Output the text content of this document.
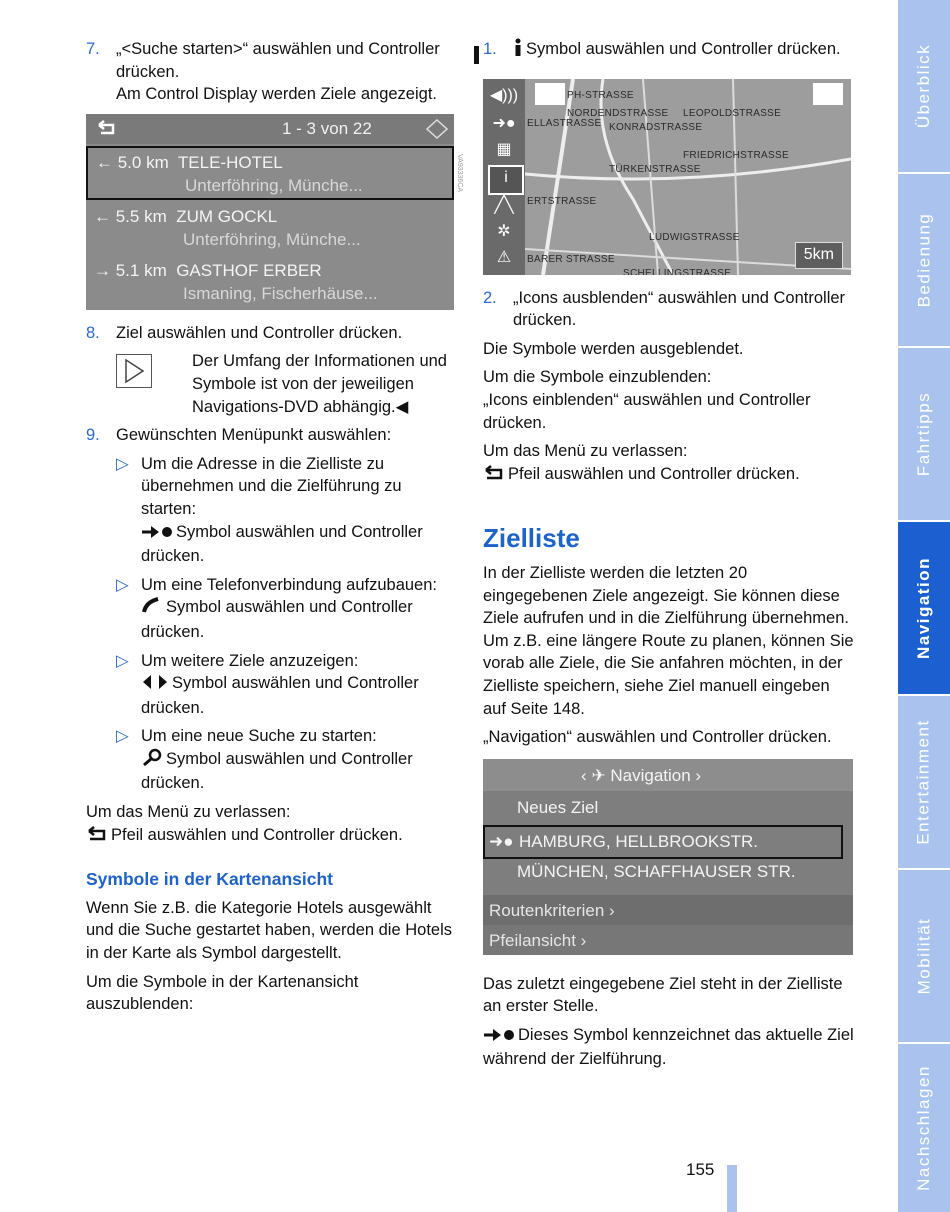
7. „<Suche starten>“ auswählen und Controller drücken.
Am Control Display werden Ziele angezeigt.
1 - 3 von 22
← 5.0 km TELE-HOTEL
Unterföhring, Münche...
← 5.5 km ZUM GOCKL
Unterföhring, Münche...
→ 5.1 km GASTHOF ERBER
Ismaning, Fischerhäuse...
VA93336CA
8. Ziel auswählen und Controller drücken.
Der Umfang der Informationen und Symbole ist von der jeweiligen Navigations-DVD abhängig.◀
9. Gewünschten Menüpunkt auswählen:
▷ Um die Adresse in die Zielliste zu übernehmen und die Zielführung zu starten:
Symbol auswählen und Controller drücken.
▷ Um eine Telefonverbindung aufzubauen:
Symbol auswählen und Controller drücken.
▷ Um weitere Ziele anzuzeigen:
Symbol auswählen und Controller drücken.
▷ Um eine neue Suche zu starten:
Symbol auswählen und Controller drücken.

Um das Menü zu verlassen:
Pfeil auswählen und Controller drücken.

Symbole in der Kartenansicht

Wenn Sie z.B. die Kategorie Hotels ausgewählt und die Suche gestartet haben, werden die Hotels in der Karte als Symbol dargestellt.

Um die Symbole in der Kartenansicht auszublenden:

1.	Symbol auswählen und Controller drücken.
◀)))
➜●
▦
i
╱╲
✲
⚠
PH-STRASSE
NORDENDSTRASSE LEOPOLDSTRASSE
ELLASTRASSE KONRADSTRASSE
FRIEDRICHSTRASSE
TÜRKENSTRASSE
ERTSTRASSE
LUDWIGSTRASSE
BARER STRASSE
SCHELLINGSTRASSE
5km
2. „Icons ausblenden“ auswählen und Controller drücken.

Die Symbole werden ausgeblendet.

Um die Symbole einzublenden:
„Icons einblenden“ auswählen und Controller drücken.

Um das Menü zu verlassen:
Pfeil auswählen und Controller drücken.

Zielliste

In der Zielliste werden die letzten 20 eingegebenen Ziele angezeigt. Sie können diese Ziele aufrufen und in die Zielführung übernehmen. Um z.B. eine längere Route zu planen, können Sie vorab alle Ziele, die Sie anfahren möchten, in der Zielliste speichern, siehe Ziel manuell eingeben auf Seite 148.

„Navigation“ auswählen und Controller drücken.

‹ ✈ Navigation ›
Neues Ziel
➜● HAMBURG, HELLBROOKSTR.
MÜNCHEN, SCHAFFHAUSER STR.
Routenkriterien ›
Pfeilansicht ›

Das zuletzt eingegebene Ziel steht in der Zielliste an erster Stelle.

Dieses Symbol kennzeichnet das aktuelle Ziel während der Zielführung.

Überblick
Bedienung
Fahrtipps
Navigation
Entertainment
Mobilität
Nachschlagen
155
